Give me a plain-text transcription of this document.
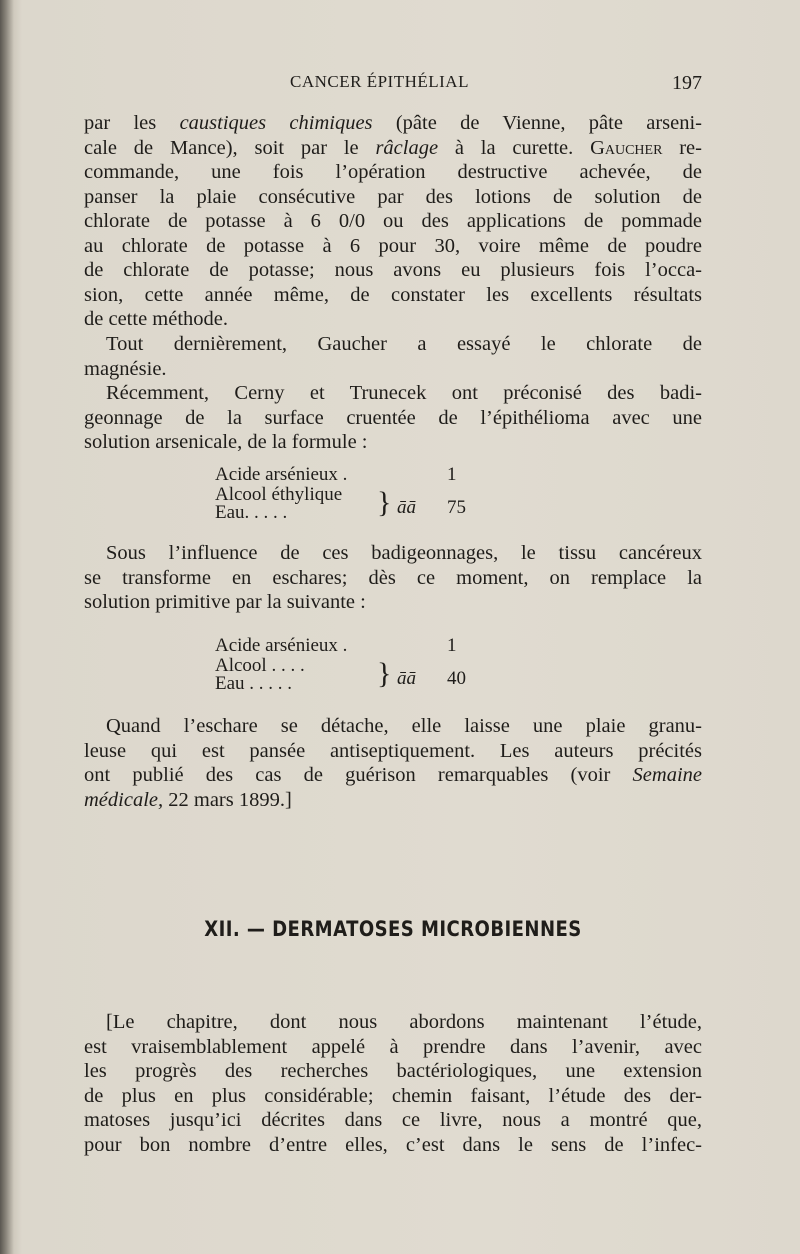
CANCER ÉPITHÉLIAL	197
par les caustiques chimiques (pâte de Vienne, pâte arseni-
cale de Mance), soit par le râclage à la curette. Gaucher re-
commande, une fois l’opération destructive achevée, de
panser la plaie consécutive par des lotions de solution de
chlorate de potasse à 6 0/0 ou des applications de pommade
au chlorate de potasse à 6 pour 30, voire même de poudre
de chlorate de potasse; nous avons eu plusieurs fois l’occa-
sion, cette année même, de constater les excellents résultats
de cette méthode.
Tout dernièrement, Gaucher a essayé le chlorate de
magnésie.
Récemment, Cerny et Trunecek ont préconisé des badi-
geonnage de la surface cruentée de l’épithélioma avec une
solution arsenicale, de la formule :
Acide arsénieux .	1
Alcool éthylique
Eau. . . . .	} āā 75
Sous l’influence de ces badigeonnages, le tissu cancéreux
se transforme en eschares; dès ce moment, on remplace la
solution primitive par la suivante :
Acide arsénieux .	1
Alcool . . . .
Eau . . . . .	} āā 40
Quand l’eschare se détache, elle laisse une plaie granu-
leuse qui est pansée antiseptiquement. Les auteurs précités
ont publié des cas de guérison remarquables (voir Semaine
médicale, 22 mars 1899.]
XII. — DERMATOSES MICROBIENNES
[Le chapitre, dont nous abordons maintenant l’étude,
est vraisemblablement appelé à prendre dans l’avenir, avec
les progrès des recherches bactériologiques, une extension
de plus en plus considérable; chemin faisant, l’étude des der-
matoses jusqu’ici décrites dans ce livre, nous a montré que,
pour bon nombre d’entre elles, c’est dans le sens de l’infec-
